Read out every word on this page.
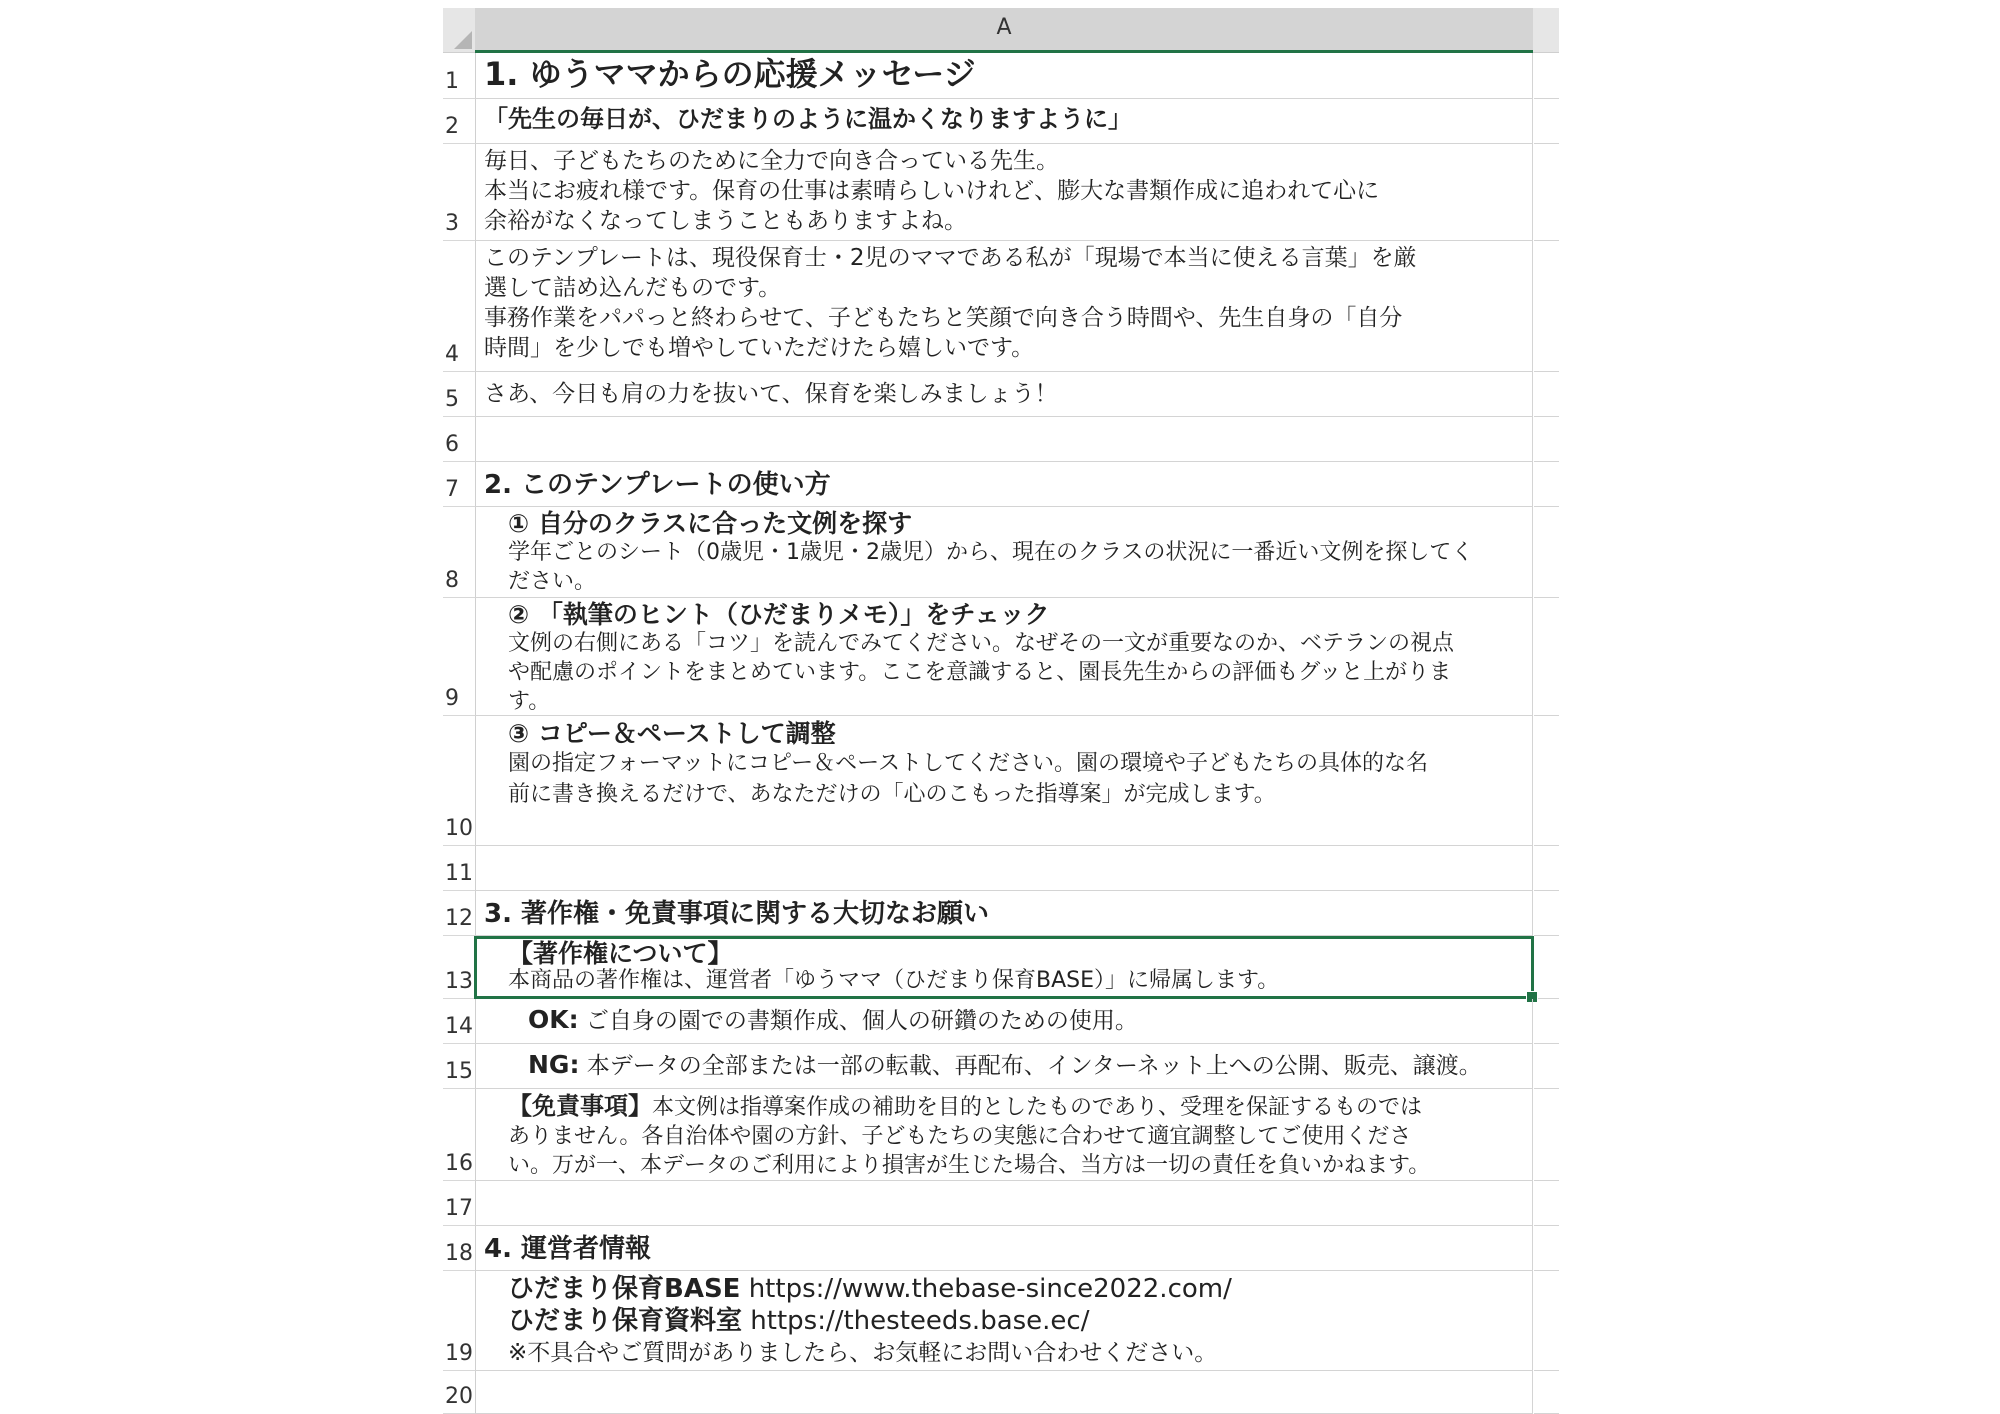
A
1 1. ゆうママからの応援メッセージ
2 「先生の毎日が、ひだまりのように温かくなりますように」
3
毎日、子どもたちのために全力で向き合っている先生。
本当にお疲れ様です。保育の仕事は素晴らしいけれど、膨大な書類作成に追われて心に
余裕がなくなってしまうこともありますよね。
4
このテンプレートは、現役保育士・2児のママである私が「現場で本当に使える言葉」を厳
選して詰め込んだものです。
事務作業をパパっと終わらせて、子どもたちと笑顔で向き合う時間や、先生自身の「自分
時間」を少しでも増やしていただけたら嬉しいです。
5 さあ、今日も肩の力を抜いて、保育を楽しみましょう！
6
7 2. このテンプレートの使い方
8
① 自分のクラスに合った文例を探す
学年ごとのシート（0歳児・1歳児・2歳児）から、現在のクラスの状況に一番近い文例を探してく
ださい。
9
② 「執筆のヒント（ひだまりメモ）」をチェック
文例の右側にある「コツ」を読んでみてください。なぜその一文が重要なのか、ベテランの視点
や配慮のポイントをまとめています。ここを意識すると、園長先生からの評価もグッと上がりま
す。
10
③ コピー＆ペーストして調整
園の指定フォーマットにコピー＆ペーストしてください。園の環境や子どもたちの具体的な名
前に書き換えるだけで、あなただけの「心のこもった指導案」が完成します。
11
12 3. 著作権・免責事項に関する大切なお願い
13
【著作権について】
本商品の著作権は、運営者「ゆうママ（ひだまり保育BASE）」に帰属します。
14	OK: ご自身の園での書類作成、個人の研鑽のための使用。
15	NG: 本データの全部または一部の転載、再配布、インターネット上への公開、販売、譲渡。
16
【免責事項】本文例は指導案作成の補助を目的としたものであり、受理を保証するものでは
ありません。各自治体や園の方針、子どもたちの実態に合わせて適宜調整してご使用くださ
い。万が一、本データのご利用により損害が生じた場合、当方は一切の責任を負いかねます。
17
18 4. 運営者情報
19
ひだまり保育BASE https://www.thebase-since2022.com/
ひだまり保育資料室 https://thesteeds.base.ec/
※不具合やご質問がありましたら、お気軽にお問い合わせください。
20
